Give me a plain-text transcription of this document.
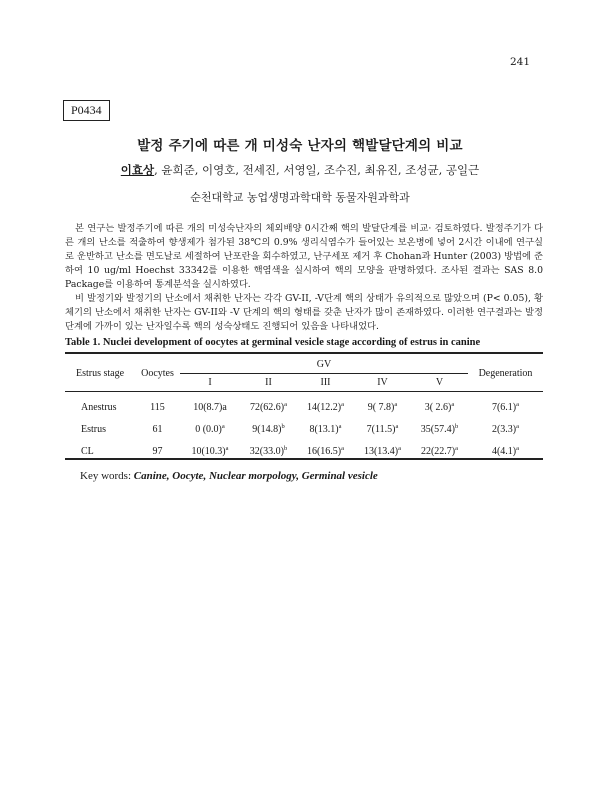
241
P0434
발정 주기에 따른 개 미성숙 난자의 핵발달단계의 비교
이효상, 윤희준, 이영호, 전세진, 서영일, 조수진, 최유진, 조성균, 공일근
순천대학교 농업생명과학대학 동물자원과학과

본 연구는 발정주기에 따른 개의 미성숙난자의 체외배양 0시간째 핵의 발달단계를 비교· 검토하였다. 발정주기가 다른 개의 난소를 적출하여 향생제가 첨가된 38℃의 0.9% 생리식염수가 들어있는 보온병에 넣어 2시간 이내에 연구실로 운반하고 난소를 면도날로 세절하여 난포란을 회수하였고, 난구세포 제거 후 Chohan과 Hunter (2003) 방법에 준하여 10 ug/ml Hoechst 33342를 이용한 핵염색을 실시하여 핵의 모양을 판명하였다. 조사된 결과는 SAS 8.0 Package를 이용하여 통계분석을 실시하였다.

비 발정기와 발정기의 난소에서 채취한 난자는 각각 GV-II, -V단계 핵의 상태가 유의적으로 많았으며 (P< 0.05), 황체기의 난소에서 채취한 난자는 GV-II와 -V 단계의 핵의 형태를 갖춘 난자가 많이 존재하였다. 이러한 연구결과는 발정단계에 가까이 있는 난자일수록 핵의 성숙상태도 진행되어 있음을 나타내었다.

Table 1. Nuclei development of oocytes at germinal vesicle stage according of estrus in canine
Estrus stage	Oocytes	GV					Degeneration
		I	II	III	IV	V	

Anestrus	115	10(8.7)a	$72(62.6)^a$	$14(12.2)^a$	9( 7.8)$^a$	3( 2.6)$^a$	$7(6.1)^a$
Estrus	61	0 $(0.0)^a$	$9(14.8)^b$	$8(13.1)^a$	$7(11.5)^a$	$35(57.4)^b$	$2(3.3)^a$
CL	97	$10(10.3)^a$	$32(33.0)^b$	$16(16.5)^a$	$13(13.4)^a$	$22(22.7)^a$	$4(4.1)^a$
Key words: Canine, Oocyte, Nuclear morpology, Germinal vesicle
